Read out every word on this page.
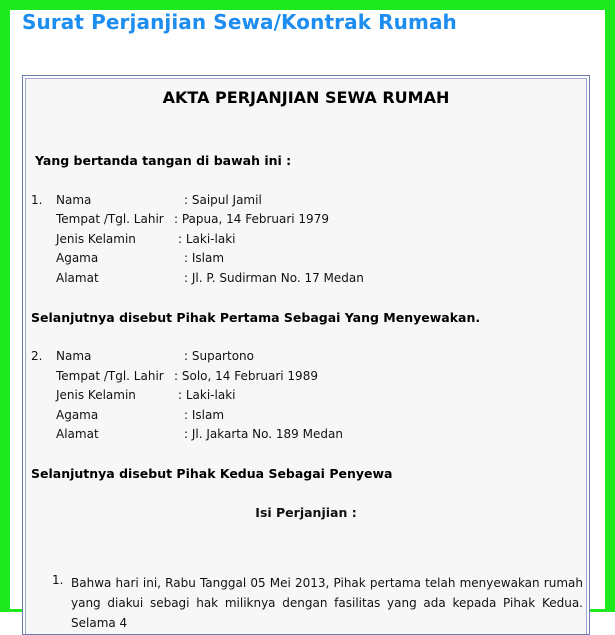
Surat Perjanjian Sewa/Kontrak Rumah
AKTA PERJANJIAN SEWA RUMAH
Yang bertanda tangan di bawah ini :
1. Nama	: Saipul Jamil
Tempat /Tgl. Lahir : Papua, 14 Februari 1979
Jenis Kelamin	: Laki-laki
Agama	: Islam
Alamat	: Jl. P. Sudirman No. 17 Medan
Selanjutnya disebut Pihak Pertama Sebagai Yang Menyewakan.
2. Nama	: Supartono
Tempat /Tgl. Lahir : Solo, 14 Februari 1989
Jenis Kelamin	: Laki-laki
Agama	: Islam
Alamat	: Jl. Jakarta No. 189 Medan
Selanjutnya disebut Pihak Kedua Sebagai Penyewa
Isi Perjanjian :
1. Bahwa hari ini, Rabu Tanggal 05 Mei 2013, Pihak pertama telah menyewakan rumah yang diakui sebagi hak miliknya dengan fasilitas yang ada kepada Pihak Kedua. Selama 4
